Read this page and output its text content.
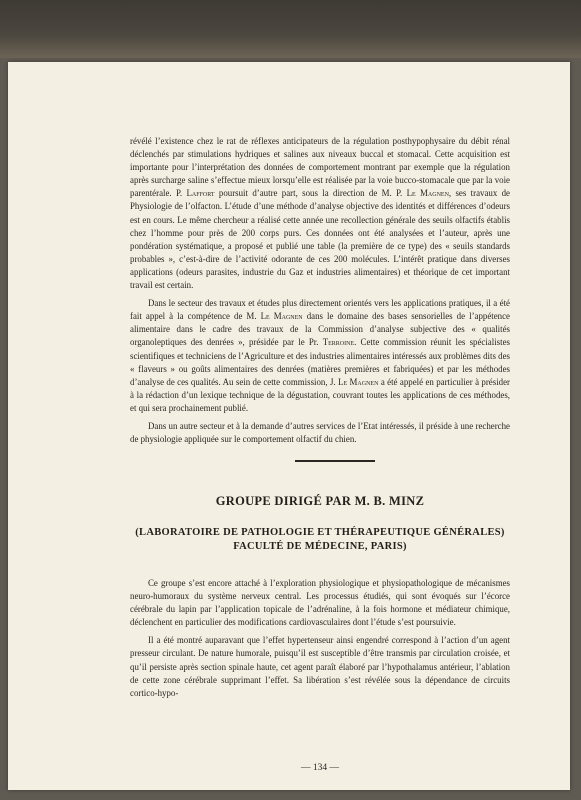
révélé l’existence chez le rat de réflexes anticipateurs de la régulation posthypophysaire du débit rénal déclenchés par stimulations hydriques et salines aux niveaux buccal et stomacal. Cette acquisition est importante pour l’interprétation des données de comportement montrant par exemple que la régulation après surcharge saline s’effectue mieux lorsqu’elle est réalisée par la voie bucco-stomacale que par la voie parentérale. P. Laffort poursuit d’autre part, sous la direction de M. P. Le Magnen, ses travaux de Physiologie de l’olfacton. L’étude d’une méthode d’analyse objective des identités et différences d’odeurs est en cours. Le même chercheur a réalisé cette année une recollection générale des seuils olfactifs établis chez l’homme pour près de 200 corps purs. Ces données ont été analysées et l’auteur, après une pondération systématique, a proposé et publié une table (la première de ce type) des « seuils standards probables », c’est-à-dire de l’activité odorante de ces 200 molécules. L’intérêt pratique dans diverses applications (odeurs parasites, industrie du Gaz et industries alimentaires) et théorique de cet important travail est certain.

Dans le secteur des travaux et études plus directement orientés vers les applications pratiques, il a été fait appel à la compétence de M. Le Magnen dans le domaine des bases sensorielles de l’appétence alimentaire dans le cadre des travaux de la Commission d’analyse subjective des « qualités organoleptiques des denrées », présidée par le Pr. Terroine. Cette commission réunit les spécialistes scientifiques et techniciens de l’Agriculture et des industries alimentaires intéressés aux problèmes dits des « flaveurs » ou goûts alimentaires des denrées (matières premières et fabriquées) et par les méthodes d’analyse de ces qualités. Au sein de cette commission, J. Le Magnen a été appelé en particulier à présider à la rédaction d’un lexique technique de la dégustation, couvrant toutes les applications de ces méthodes, et qui sera prochainement publié.

Dans un autre secteur et à la demande d’autres services de l’Etat intéressés, il préside à une recherche de physiologie appliquée sur le comportement olfactif du chien.

GROUPE DIRIGÉ PAR M. B. MINZ
(LABORATOIRE DE PATHOLOGIE ET THÉRAPEUTIQUE GÉNÉRALES)
FACULTÉ DE MÉDECINE, PARIS)

Ce groupe s’est encore attaché à l’exploration physiologique et physiopathologique de mécanismes neuro-humoraux du système nerveux central. Les processus étudiés, qui sont évoqués sur l’écorce cérébrale du lapin par l’application topicale de l’adrénaline, à la fois hormone et médiateur chimique, déclenchent en particulier des modifications cardiovasculaires dont l’étude s’est poursuivie.

Il a été montré auparavant que l’effet hypertenseur ainsi engendré correspond à l’action d’un agent presseur circulant. De nature humorale, puisqu’il est susceptible d’être transmis par circulation croisée, et qu’il persiste après section spinale haute, cet agent paraît élaboré par l’hypothalamus antérieur, l’ablation de cette zone cérébrale supprimant l’effet. Sa libération s’est révélée sous la dépendance de circuits cortico-hypo-

— 134 —
